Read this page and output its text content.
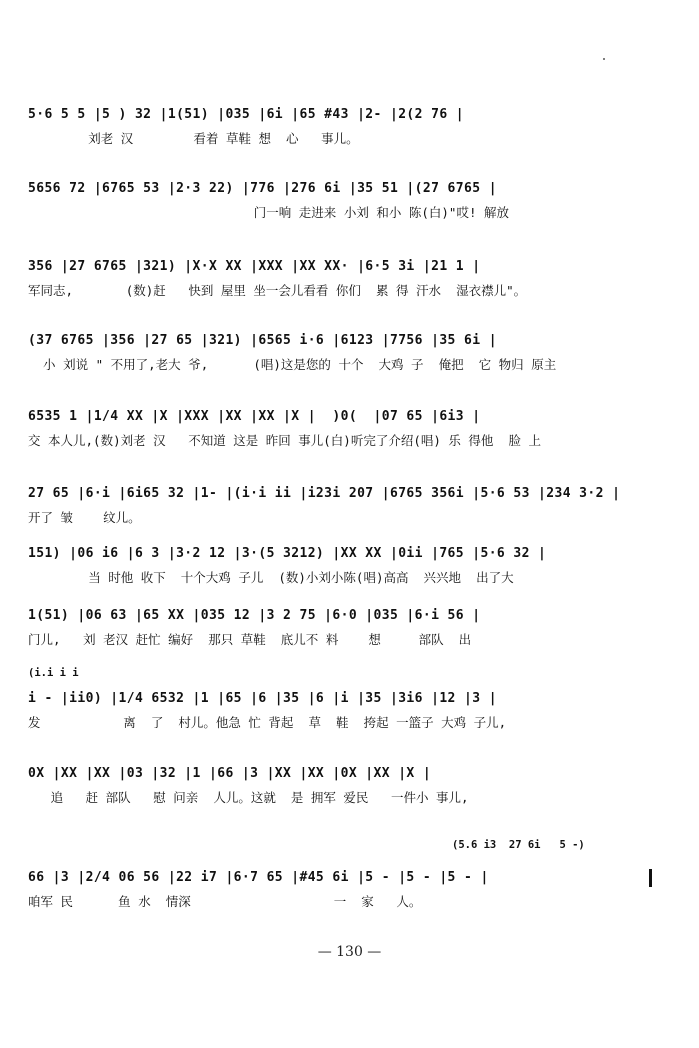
5·6 5 5 |5 ) 32 |1(51) |035 |6i |65 #43 |2- |2(2 76 |
刘老 汉        看着 草鞋 想  心   事儿。
5656 72 |6765 53 |2·3 22) |776 |276 6i |35 51 |(27 6765 |
门一响 走进来 小刘 和小 陈(白)"哎! 解放
356 |27 6765 |321) |X·X XX |XXX |XX XX· |6·5 3i |21 1 |
军同志,       (数)赶   快到 屋里 坐一会儿看看 你们  累 得 汗水  湿衣襟儿"。
(37 6765 |356 |27 65 |321) |6565 i·6 |6123 |7756 |35 6i |
小 刘说 " 不用了,老大 爷,      (唱)这是您的 十个  大鸡 子  俺把  它 物归 原主
6535 1 |1/4 XX |X |XXX |XX |XX |X |  )0(  |07 65 |6i3 |
交 本人儿,(数)刘老 汉   不知道 这是 昨回 事儿(白)听完了介绍(唱) 乐 得他  脸 上
27 65 |6·i |6i65 32 |1- |(i·i ii |i23i 207 |6765 356i |5·6 53 |234 3·2 |
开了 皱    纹儿。
151) |06 i6 |6 3 |3·2 12 |3·(5 3212) |XX XX |0ii |765 |5·6 32 |
当 时他 收下  十个大鸡 子儿  (数)小刘小陈(唱)高高  兴兴地  出了大
1(51) |06 63 |65 XX |035 12 |3 2 75 |6·0 |035 |6·i 56 |
门儿,   刘 老汉 赶忙 编好  那只 草鞋  底儿不 料    想     部队  出
(i.i i i
i - |ii0) |1/4 6532 |1 |65 |6 |35 |6 |i |35 |3i6 |12 |3 |
发           离  了  村儿。他急 忙 背起  草  鞋  挎起 一篮子 大鸡 子儿,
0X |XX |XX |03 |32 |1 |66 |3 |XX |XX |0X |XX |X |
追   赶 部队   慰 问亲  人儿。这就  是 拥军 爱民   一件小 事儿,
(5.6 i3  27 6i   5 -)
66 |3 |2/4 06 56 |22 i7 |6·7 65 |#45 6i |5 - |5 - |5 - |
咱军 民      鱼 水  情深                   一  家   人。
— 130 —
